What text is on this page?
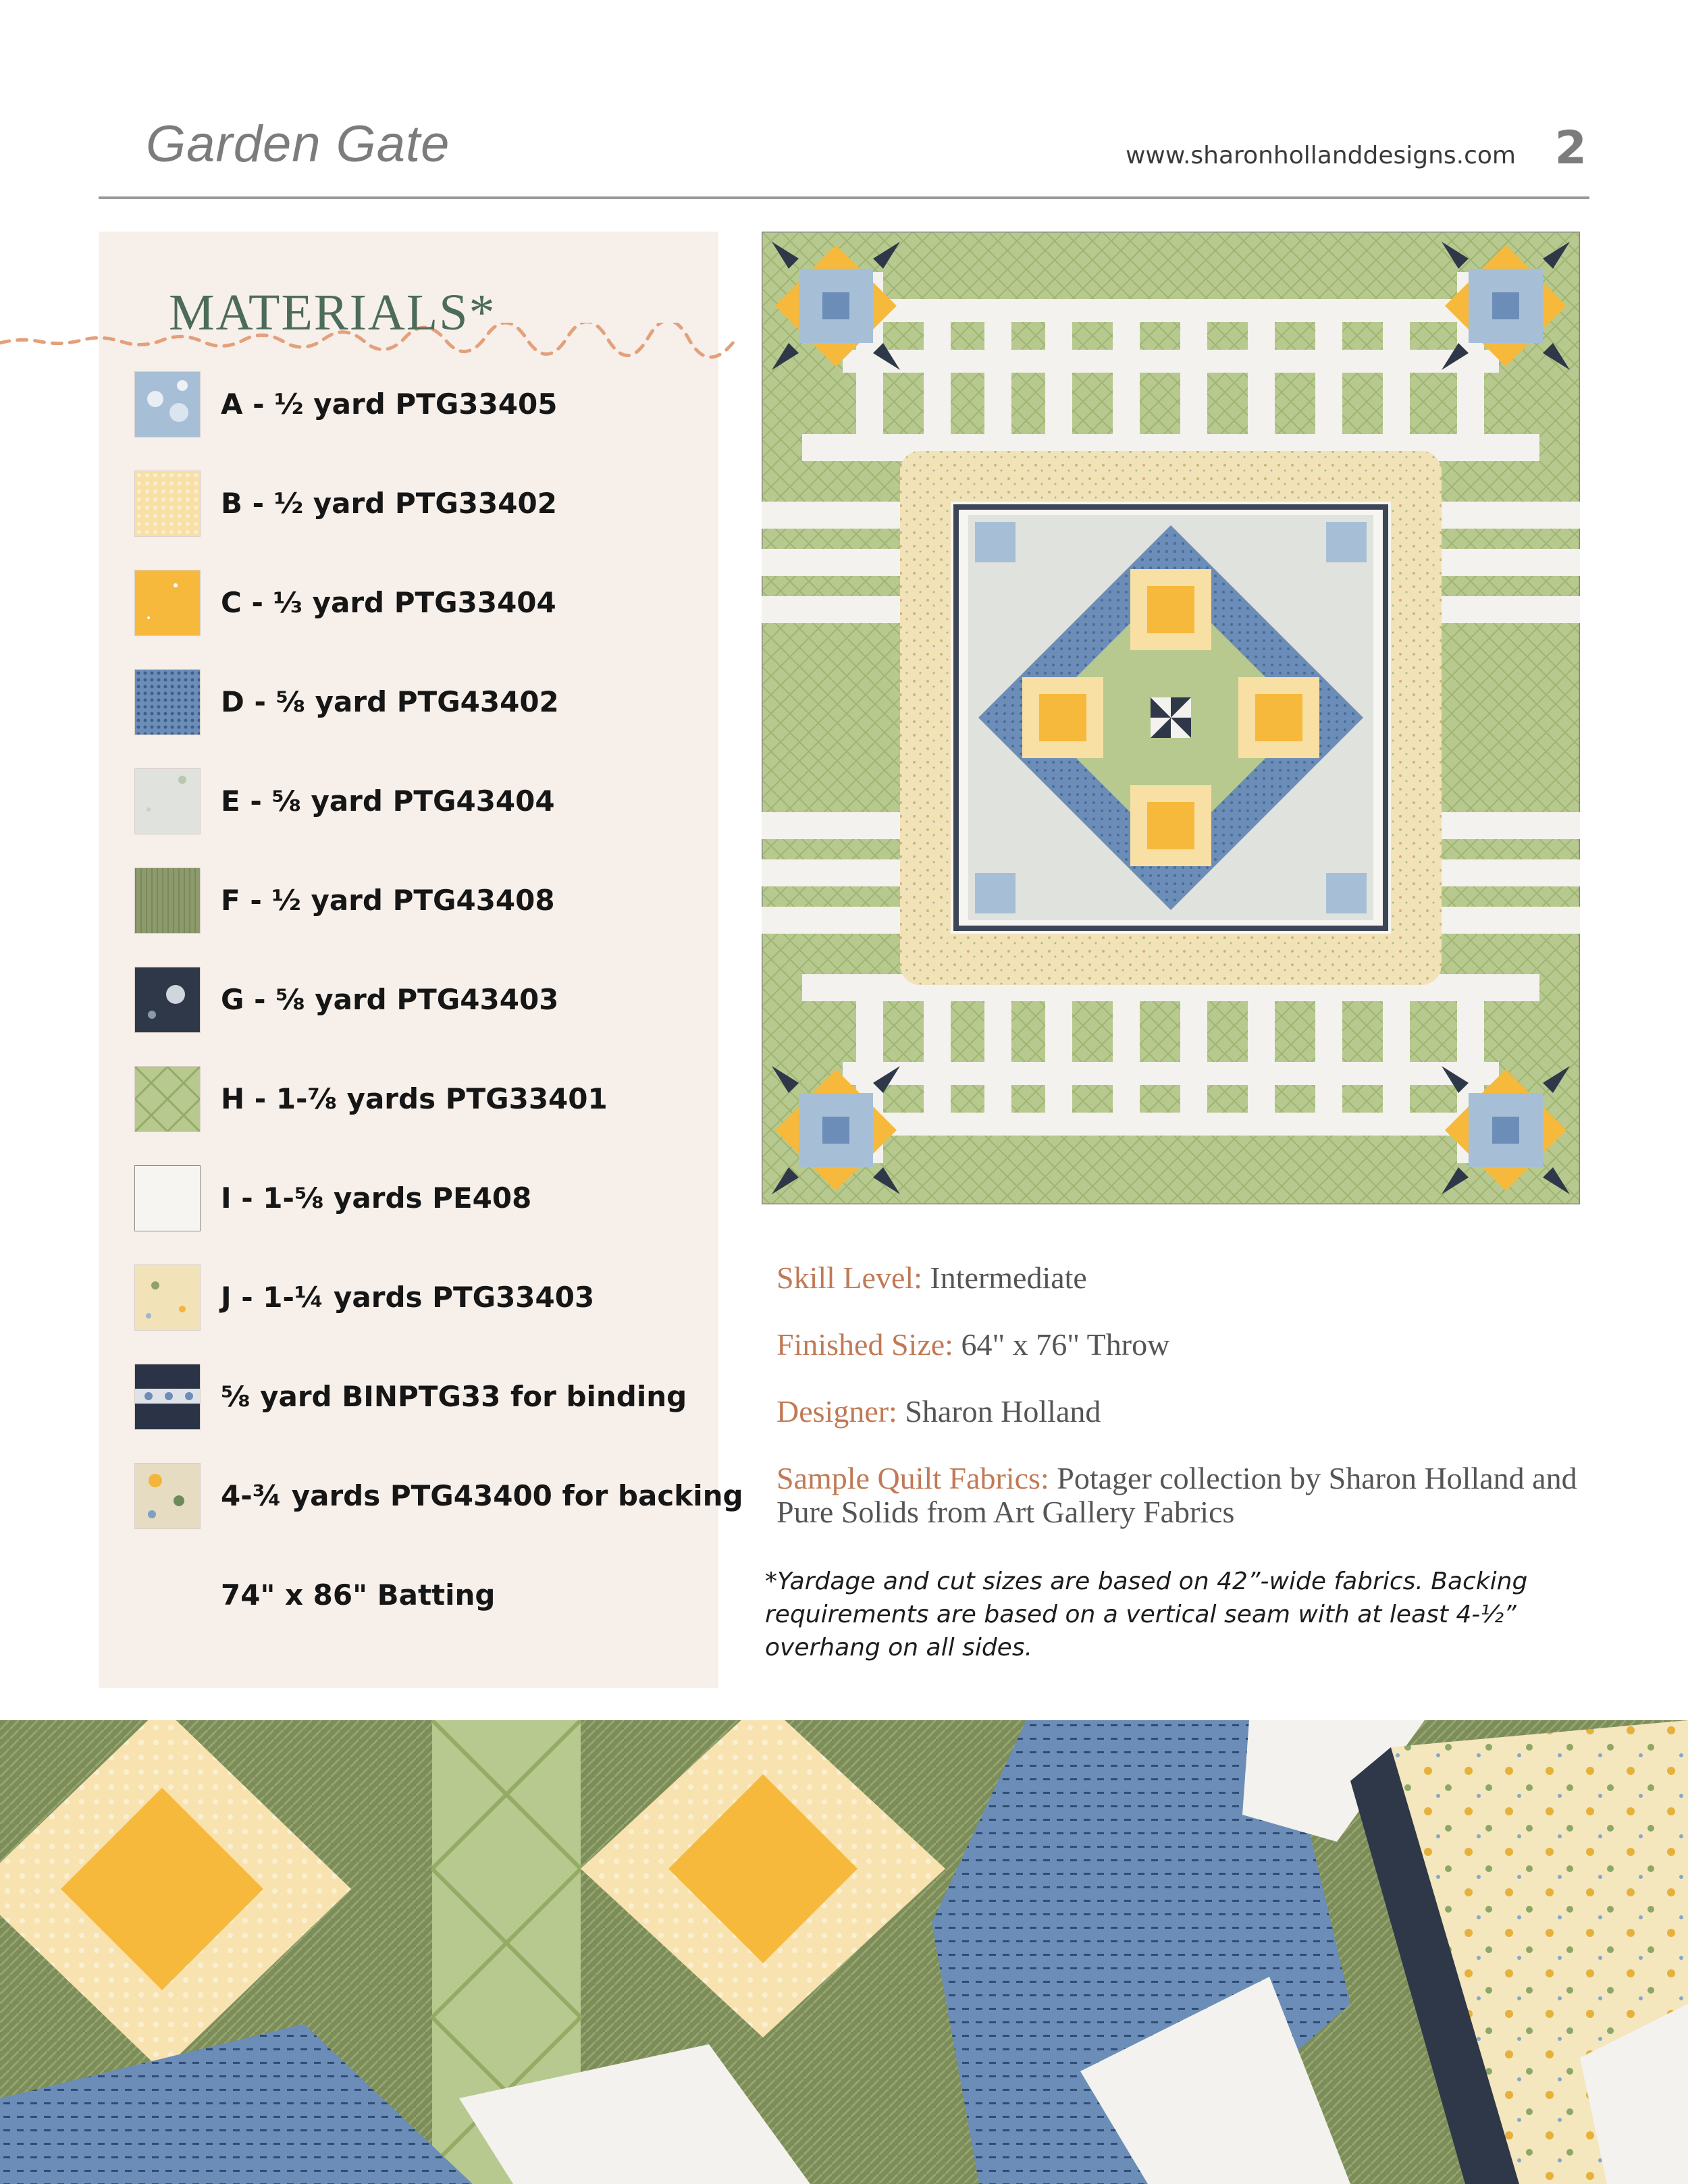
Garden Gate	www.sharonhollanddesigns.com 2
MATERIALS*
A - ½ yard PTG33405
B - ½ yard PTG33402
C - ⅓ yard PTG33404
D - ⅝ yard PTG43402
E - ⅝ yard PTG43404
F - ½ yard PTG43408
G - ⅝ yard PTG43403
H - 1-⅞ yards PTG33401
I - 1-⅝ yards PE408
J - 1-¼ yards PTG33403
⅝ yard BINPTG33 for binding
4-¾ yards PTG43400 for backing
74" x 86" Batting
Skill Level: Intermediate
Finished Size: 64" x 76" Throw
Designer: Sharon Holland
Sample Quilt Fabrics: Potager collection by Sharon Holland and Pure Solids from Art Gallery Fabrics
*Yardage and cut sizes are based on 42”-wide fabrics. Backing requirements are based on a vertical seam with at least 4-½” overhang on all sides.
